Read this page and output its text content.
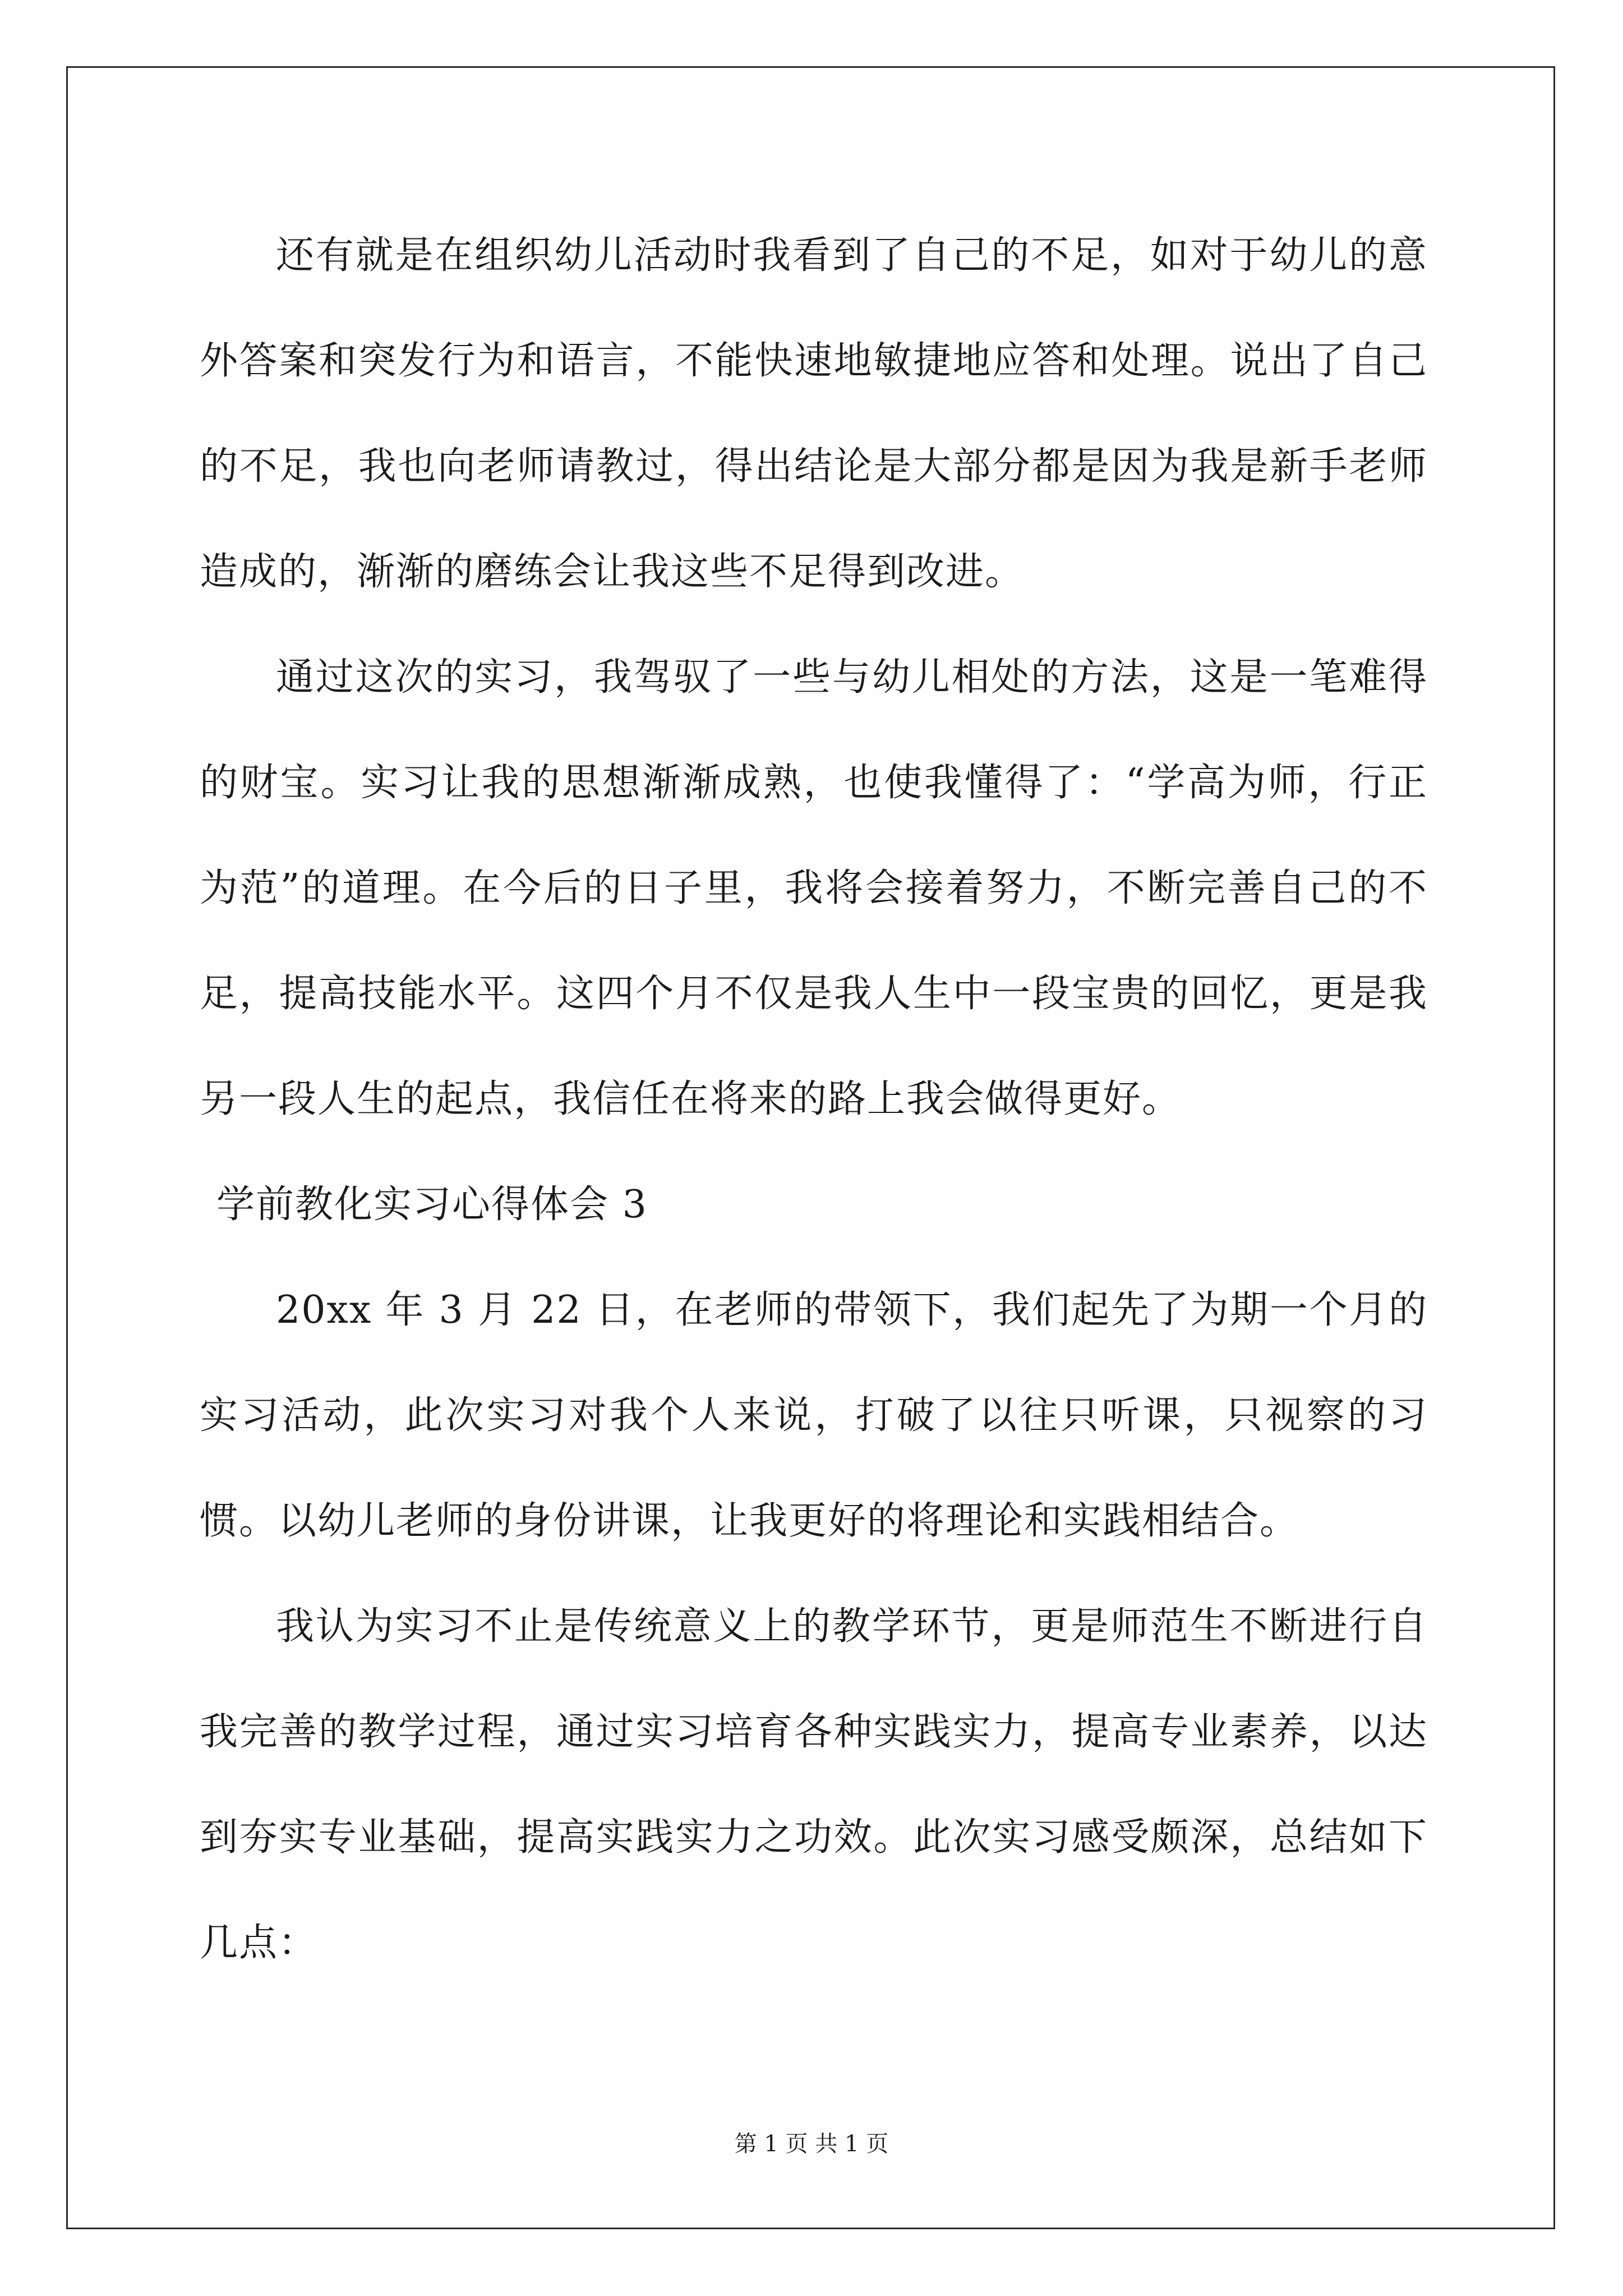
还有就是在组织幼儿活动时我看到了自己的不足，如对于幼儿的意外答案和突发行为和语言，不能快速地敏捷地应答和处理。说出了自己的不足，我也向老师请教过，得出结论是大部分都是因为我是新手老师造成的，渐渐的磨练会让我这些不足得到改进。

通过这次的实习，我驾驭了一些与幼儿相处的方法，这是一笔难得的财宝。实习让我的思想渐渐成熟，也使我懂得了：“学高为师，行正为范”的道理。在今后的日子里，我将会接着努力，不断完善自己的不足，提高技能水平。这四个月不仅是我人生中一段宝贵的回忆，更是我另一段人生的起点，我信任在将来的路上我会做得更好。

学前教化实习心得体会 3

20xx 年 3 月 22 日，在老师的带领下，我们起先了为期一个月的实习活动，此次实习对我个人来说，打破了以往只听课，只视察的习惯。以幼儿老师的身份讲课，让我更好的将理论和实践相结合。

我认为实习不止是传统意义上的教学环节，更是师范生不断进行自我完善的教学过程，通过实习培育各种实践实力，提高专业素养，以达到夯实专业基础，提高实践实力之功效。此次实习感受颇深，总结如下几点：

第 1 页 共 1 页
